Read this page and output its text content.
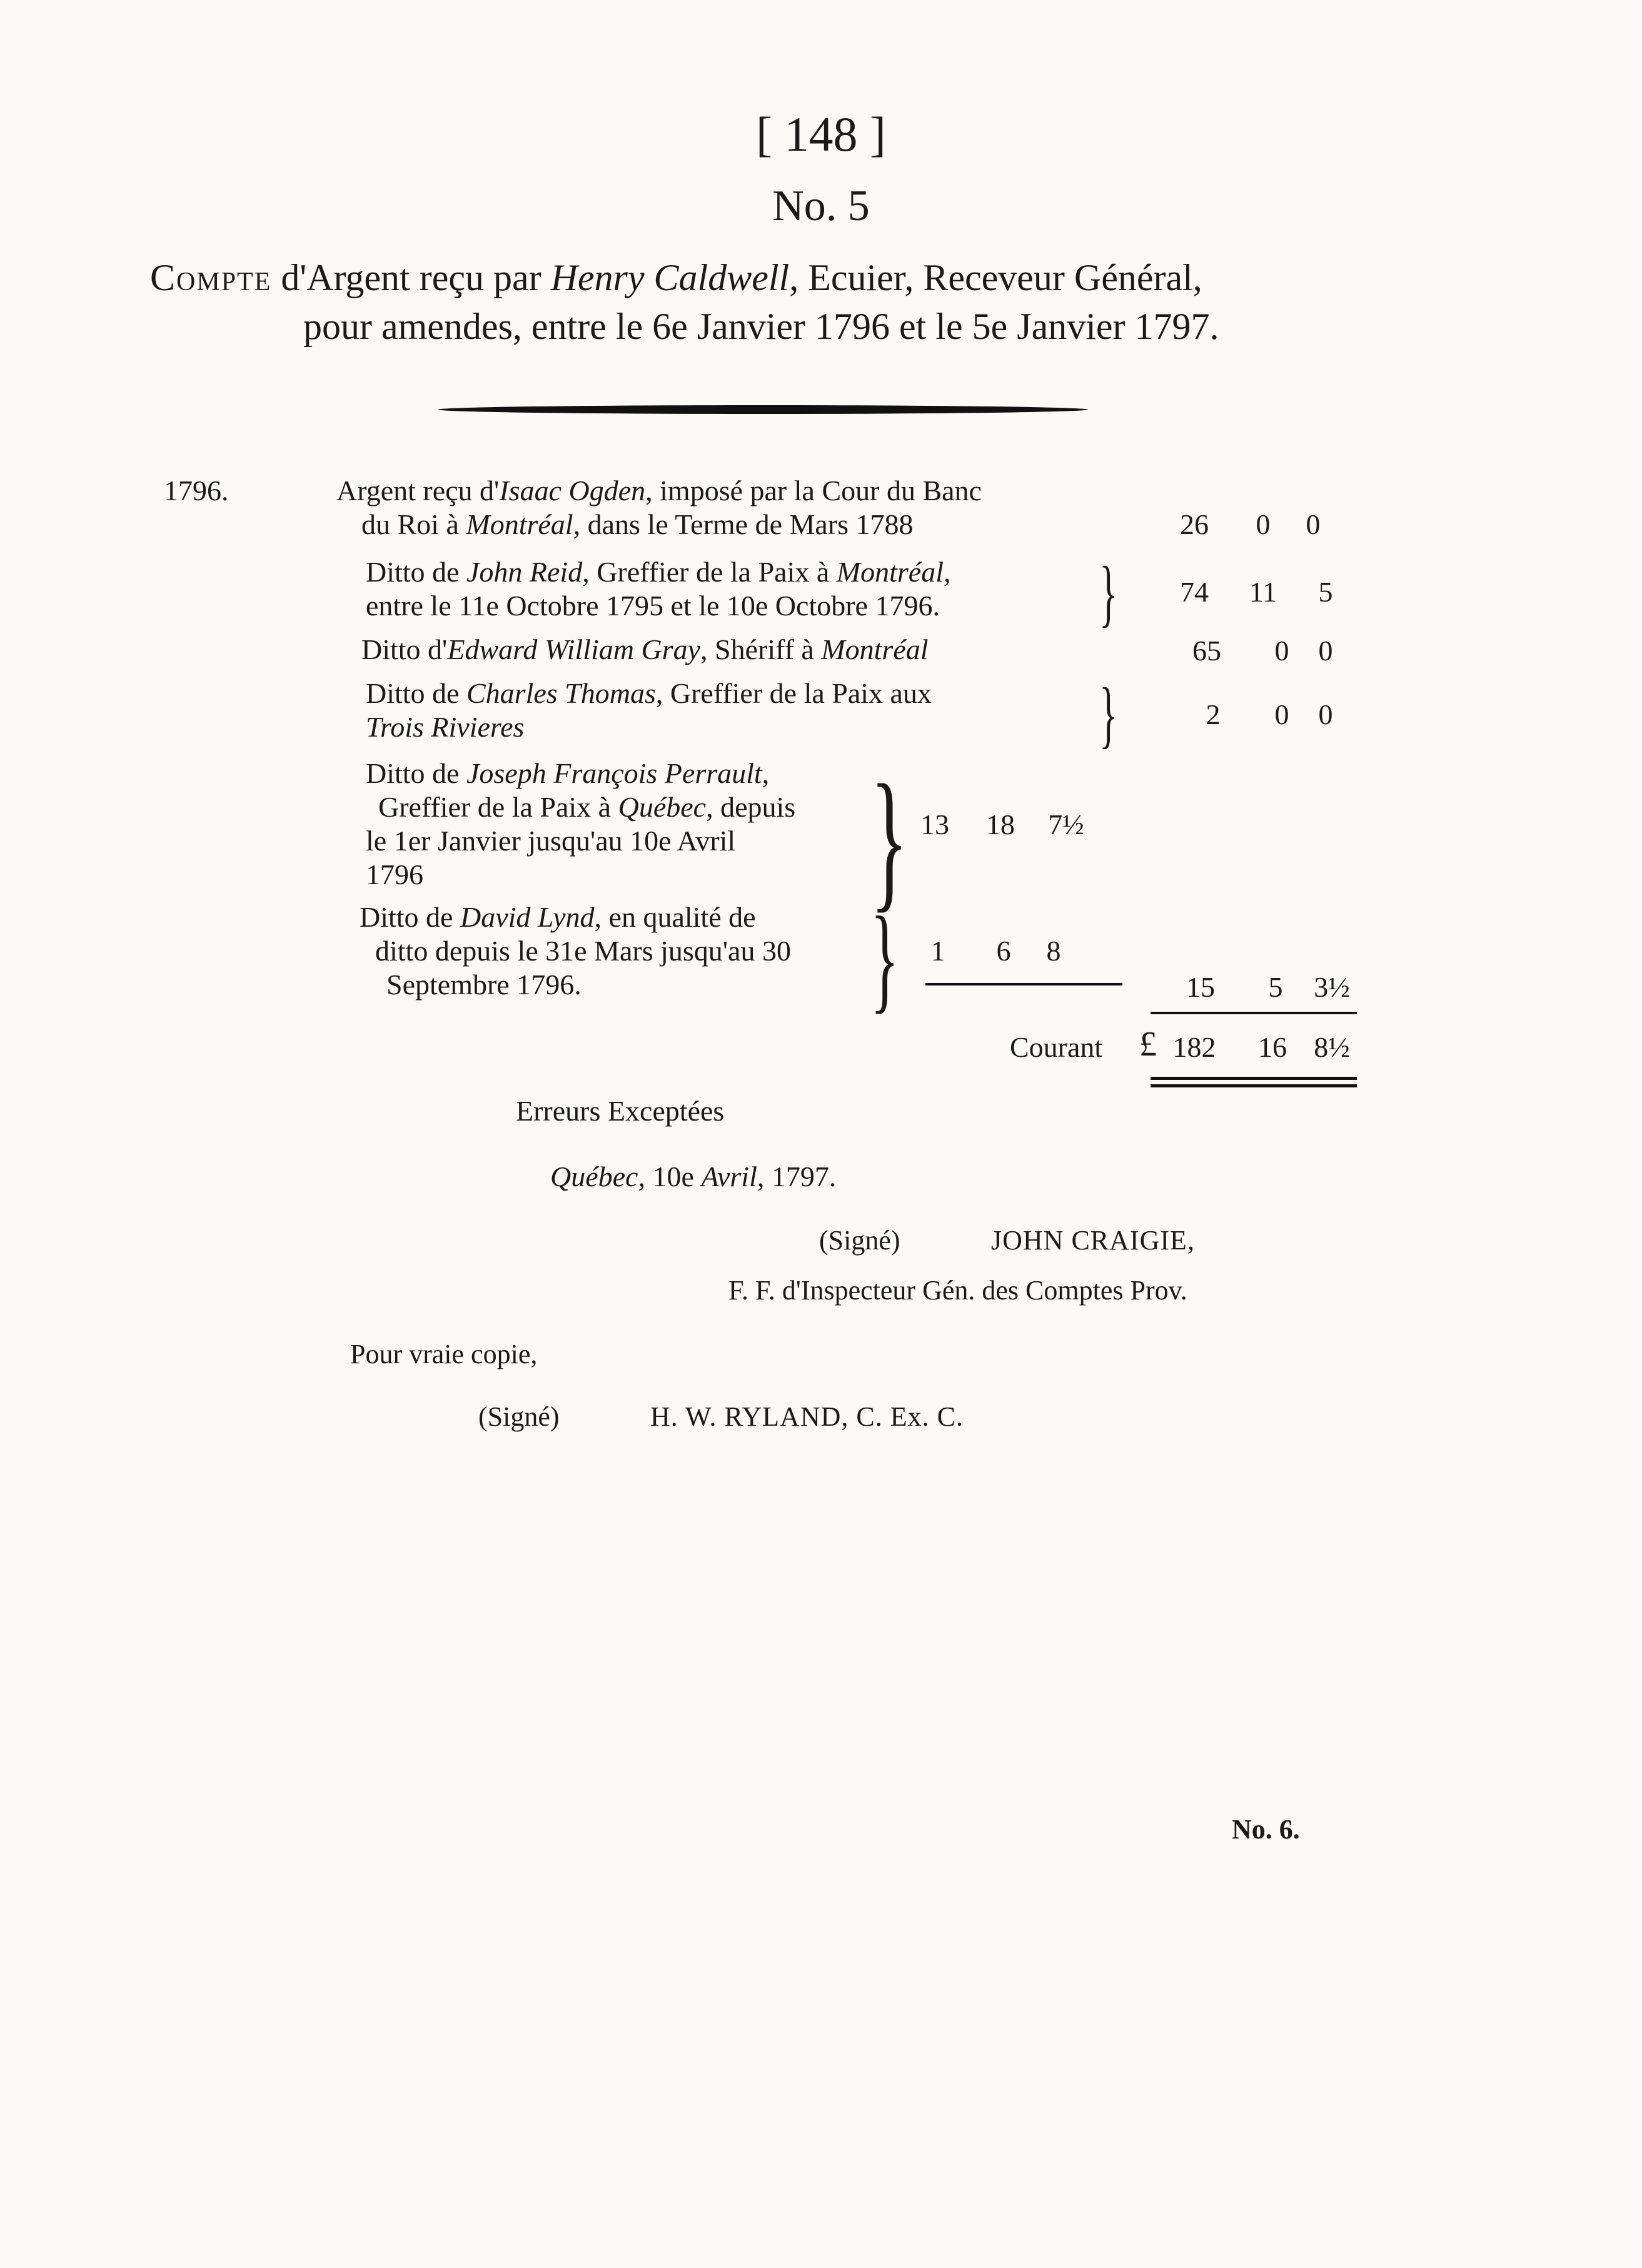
[ 148 ]
No. 5
Compte d'Argent reçu par Henry Caldwell, Ecuier, Receveur Général,
pour amendes, entre le 6e Janvier 1796 et le 5e Janvier 1797.
1796.	Argent reçu d'Isaac Ogden, imposé par la Cour du Banc
du Roi à Montréal, dans le Terme de Mars 1788	26	0	0
Ditto de John Reid, Greffier de la Paix à Montréal,
entre le 11e Octobre 1795 et le 10e Octobre 1796. }	74	11	5
Ditto d'Edward William Gray, Shériff à Montréal	65	0	0
Ditto de Charles Thomas, Greffier de la Paix aux
Trois Rivieres	}	2	0	0
Ditto de Joseph François Perrault,
Greffier de la Paix à Québec, depuis
le 1er Janvier jusqu'au 10e Avril
1796	} 13 18 7½
Ditto de David Lynd, en qualité de
ditto depuis le 31e Mars jusqu'au 30
Septembre 1796. } 1 6 8
15	5	3½
Courant £ 182	16 8½
Erreurs Exceptées
Québec, 10e Avril, 1797.
(Signé)	JOHN CRAIGIE,
F. F. d'Inspecteur Gén. des Comptes Prov.
Pour vraie copie,
(Signé)	H. W. RYLAND, C. Ex. C.
No. 6.
